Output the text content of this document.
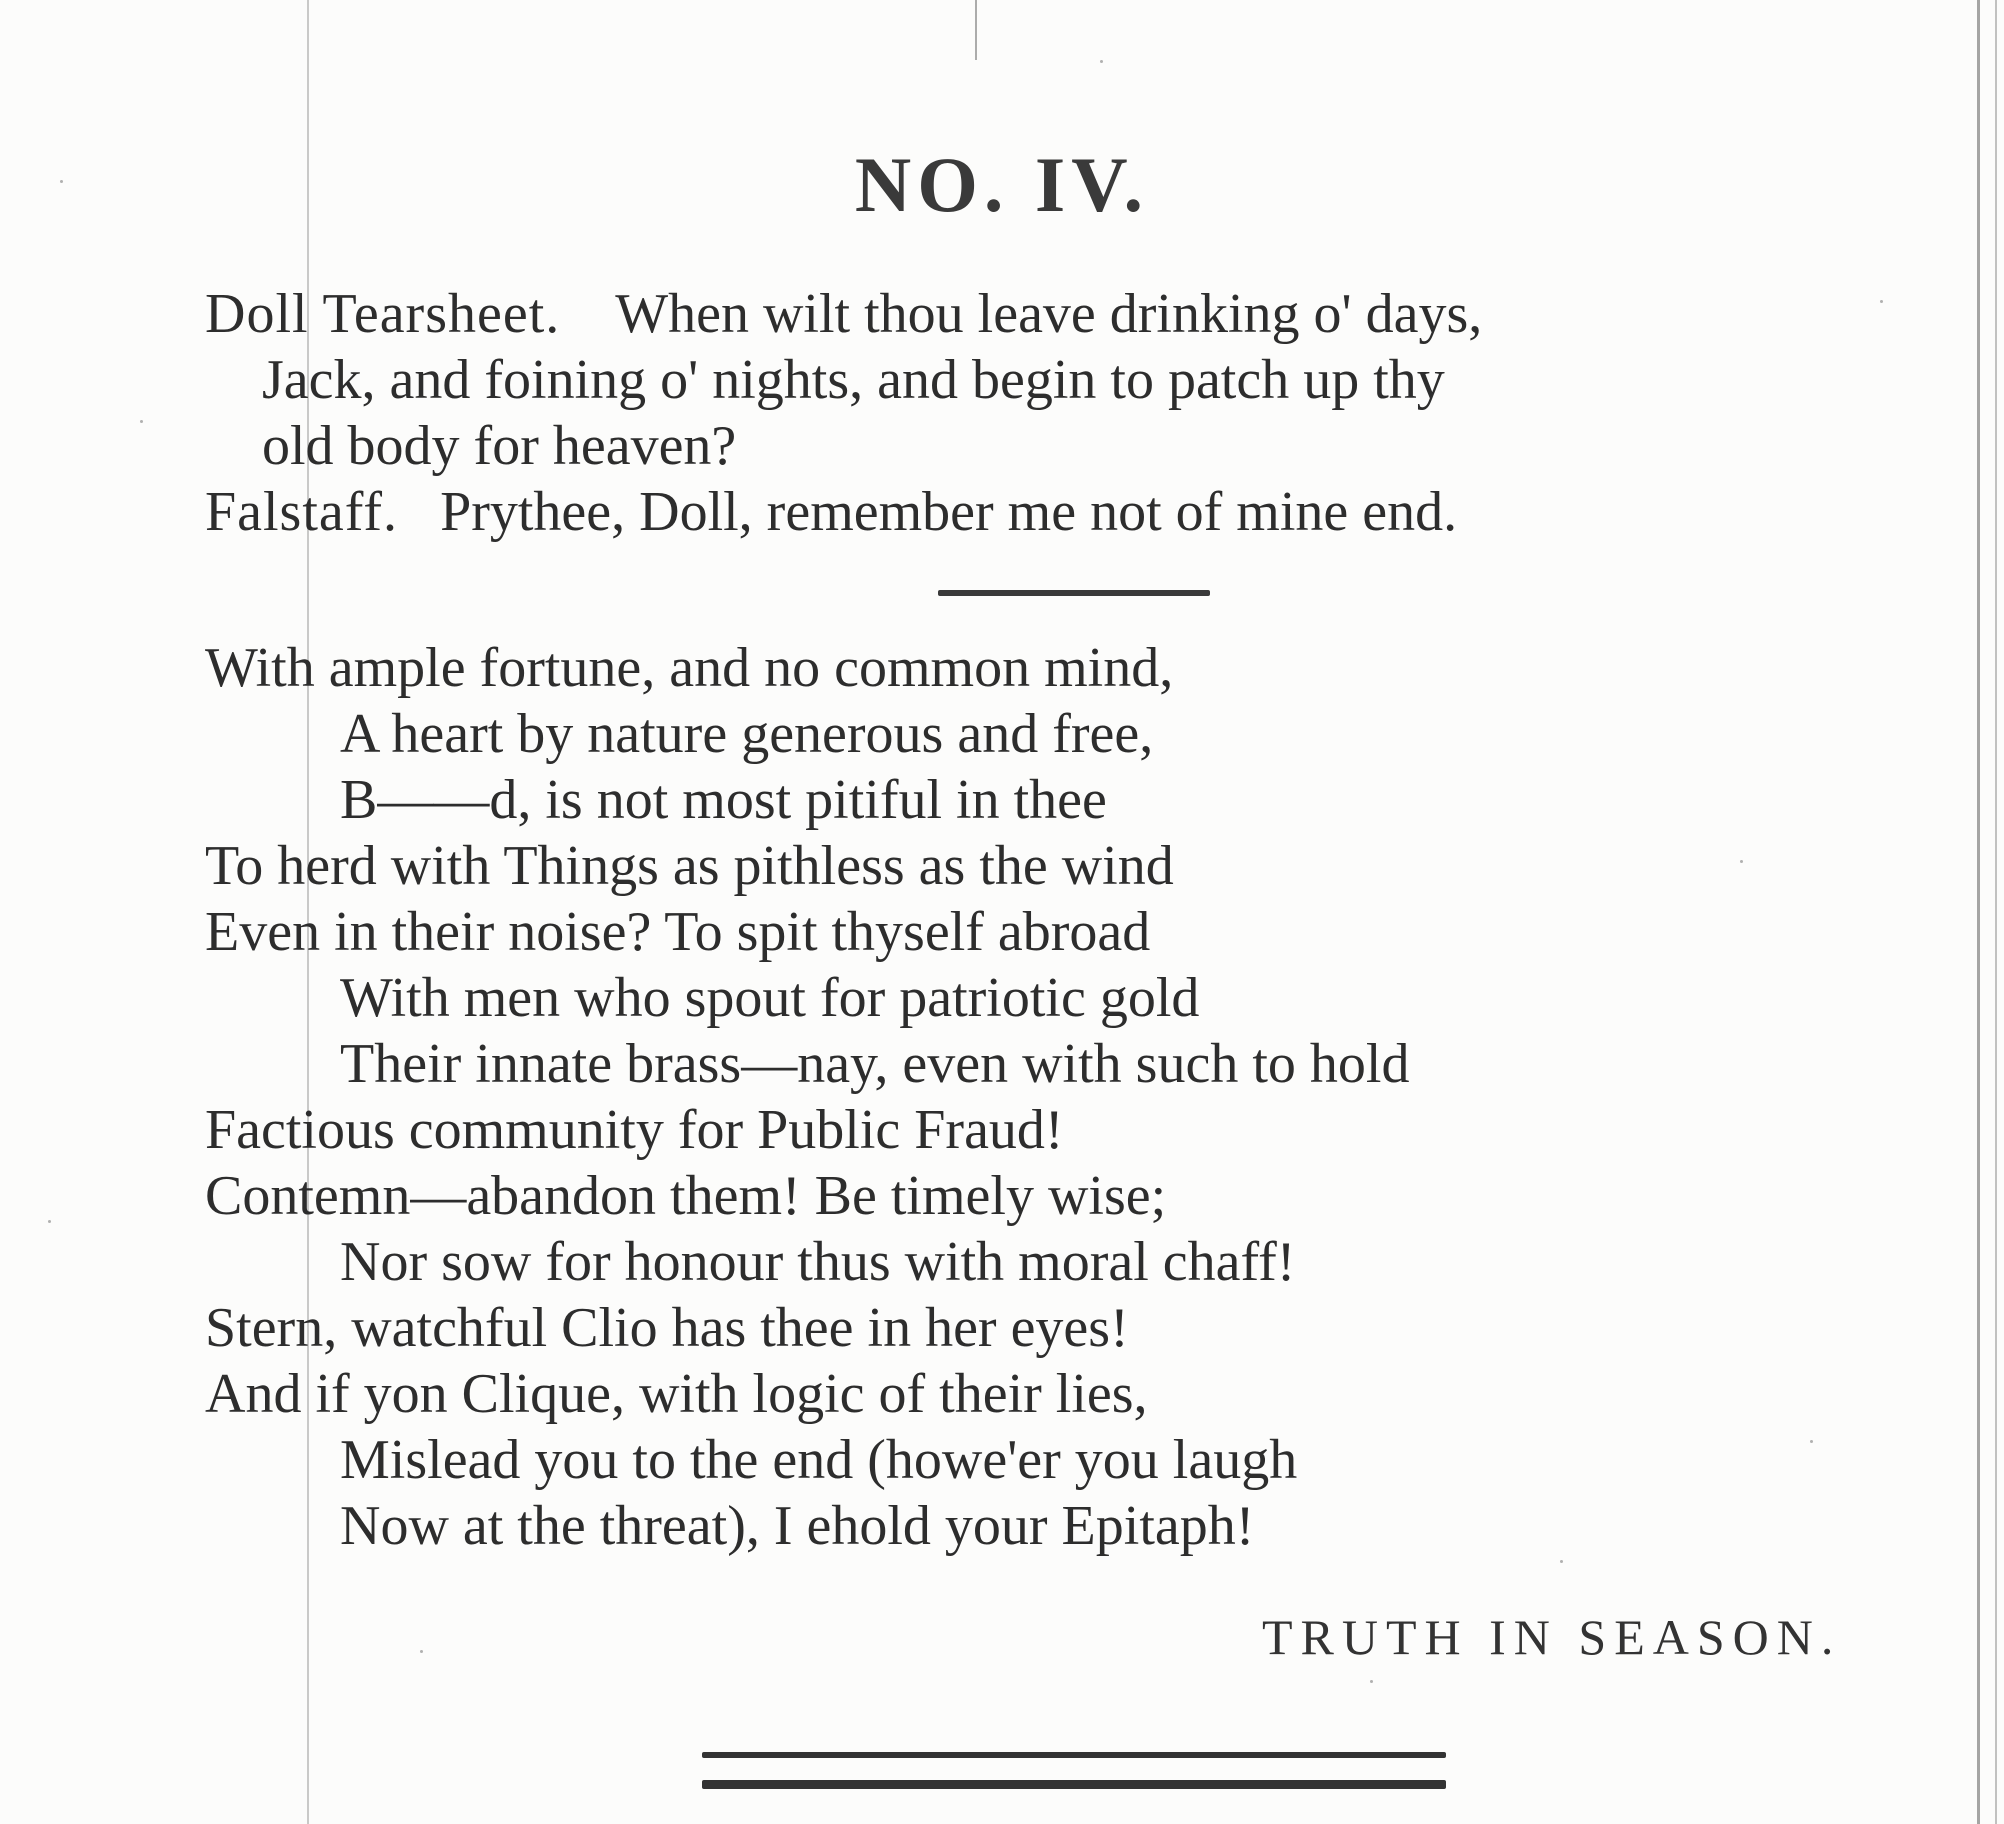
NO. IV.
Doll Tearsheet. When wilt thou leave drinking o' days,
Jack, and foining o' nights, and begin to patch up thy
old body for heaven?
Falstaff. Prythee, Doll, remember me not of mine end.
With ample fortune, and no common mind,
A heart by nature generous and free,
B——d, is not most pitiful in thee
To herd with Things as pithless as the wind
Even in their noise? To spit thyself abroad
With men who spout for patriotic gold
Their innate brass—nay, even with such to hold
Factious community for Public Fraud!
Contemn—abandon them! Be timely wise;
Nor sow for honour thus with moral chaff!
Stern, watchful Clio has thee in her eyes!
And if yon Clique, with logic of their lies,
Mislead you to the end (howe'er you laugh
Now at the threat), I ehold your Epitaph!
TRUTH IN SEASON.
